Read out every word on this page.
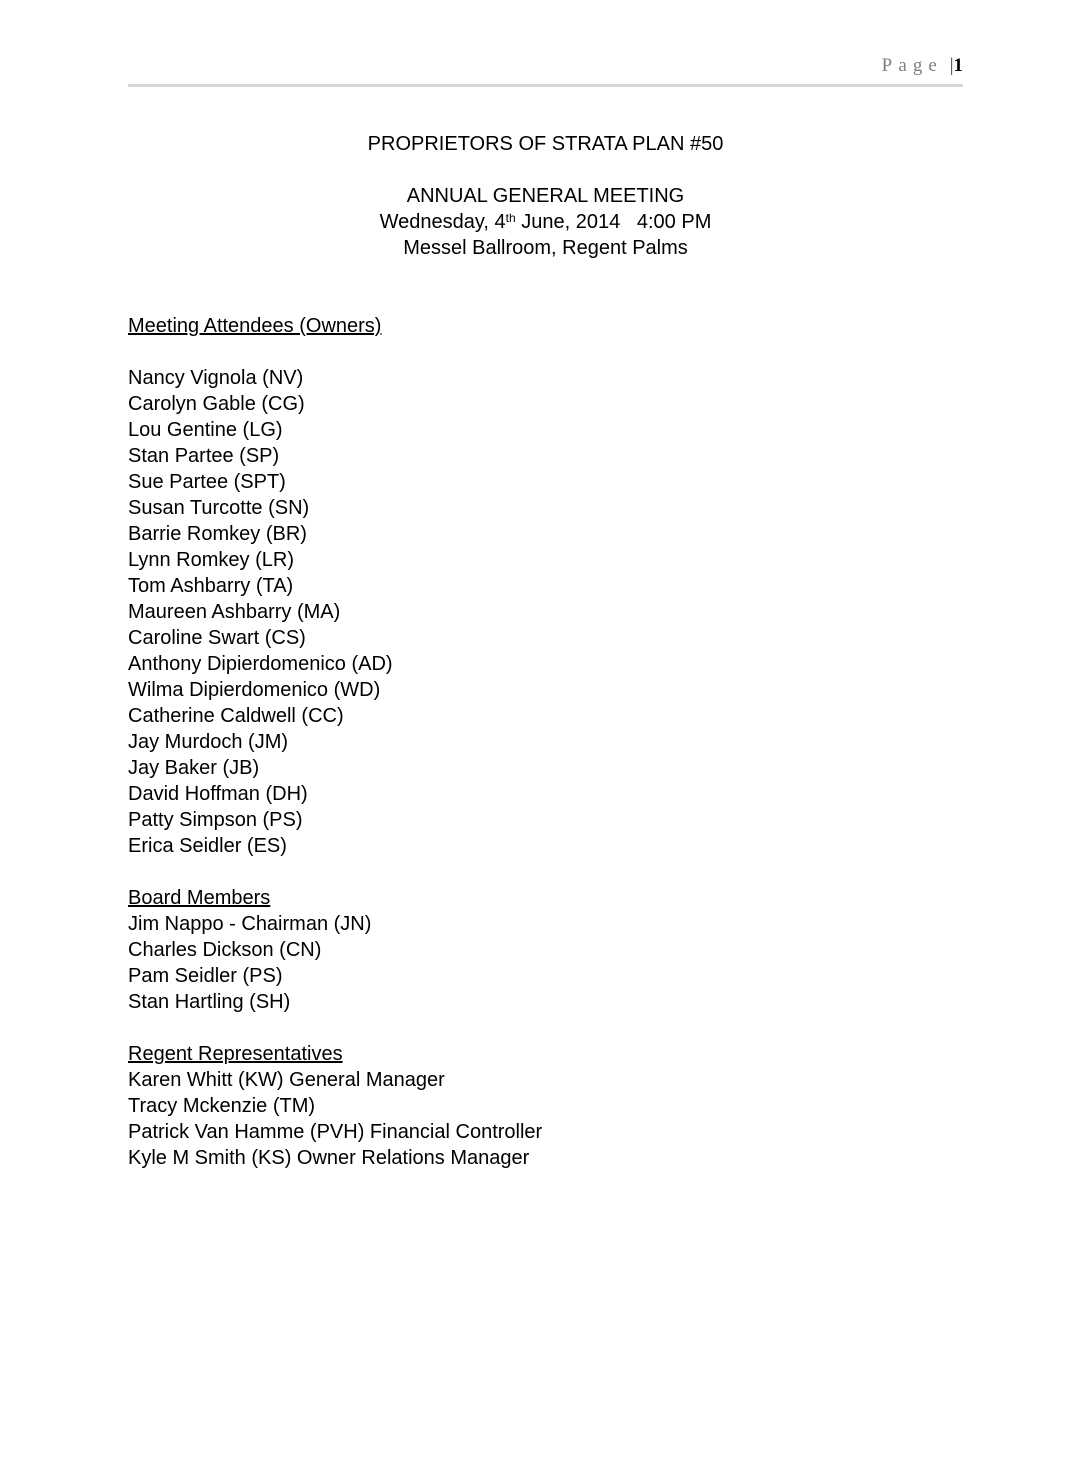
Page |1
PROPRIETORS OF STRATA PLAN #50
ANNUAL GENERAL MEETING
Wednesday, 4th June, 2014   4:00 PM
Messel Ballroom, Regent Palms
Meeting Attendees (Owners)
Nancy Vignola (NV)
Carolyn Gable (CG)
Lou Gentine (LG)
Stan Partee (SP)
Sue Partee (SPT)
Susan Turcotte (SN)
Barrie Romkey (BR)
Lynn Romkey (LR)
Tom Ashbarry (TA)
Maureen Ashbarry (MA)
Caroline Swart (CS)
Anthony Dipierdomenico (AD)
Wilma Dipierdomenico (WD)
Catherine Caldwell (CC)
Jay Murdoch (JM)
Jay Baker (JB)
David Hoffman (DH)
Patty Simpson (PS)
Erica Seidler (ES)
Board Members
Jim Nappo - Chairman (JN)
Charles Dickson (CN)
Pam Seidler (PS)
Stan Hartling (SH)
Regent Representatives
Karen Whitt (KW) General Manager
Tracy Mckenzie (TM)
Patrick Van Hamme (PVH) Financial Controller
Kyle M Smith (KS) Owner Relations Manager
